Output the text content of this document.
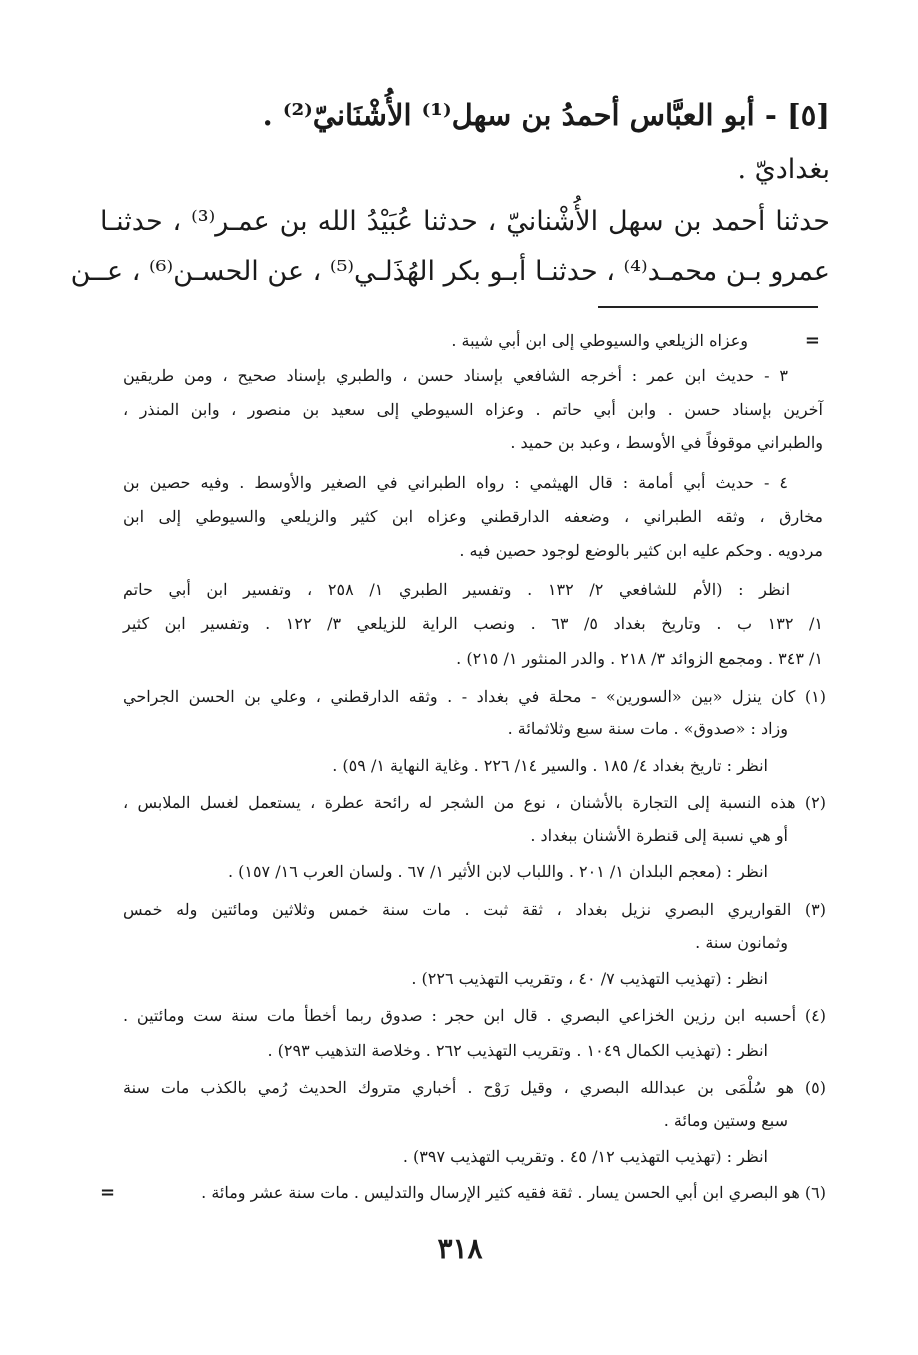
[٥] - أبو العبَّاس أحمدُ بن سهل⁽¹⁾ الأُشْنَانيّ⁽²⁾ .
بغداديّ .
حدثنا أحمد بن سهل الأُشْنانيّ ، حدثنا عُبَيْدُ الله بن عمـر⁽³⁾ ، حدثنـا
عمرو بـن محمـد⁽⁴⁾ ، حدثنـا أبـو بكر الهُذَلـي⁽⁵⁾ ، عن الحسـن⁽⁶⁾ ، عــن
=
وعزاه الزيلعي والسيوطي إلى ابن أبي شيبة .
٣ - حديث ابن عمر : أخرجه الشافعي بإسناد حسن ، والطبري بإسناد صحيح ، ومن طريقين
آخرين بإسناد حسن . وابن أبي حاتم . وعزاه السيوطي إلى سعيد بن منصور ، وابن المنذر ،
والطبراني موقوفاً في الأوسط ، وعبد بن حميد .
٤ - حديث أبي أمامة : قال الهيثمي : رواه الطبراني في الصغير والأوسط . وفيه حصين بن
مخارق ، وثقه الطبراني ، وضعفه الدارقطني وعزاه ابن كثير والزيلعي والسيوطي إلى ابن
مردويه . وحكم عليه ابن كثير بالوضع لوجود حصين فيه .
انظر : (الأم للشافعي ٢/ ١٣٢ . وتفسير الطبري ١/ ٢٥٨ ، وتفسير ابن أبي حاتم
١/ ١٣٢ ب . وتاريخ بغداد ٥/ ٦٣ . ونصب الراية للزيلعي ٣/ ١٢٢ . وتفسير ابن كثير
١/ ٣٤٣ . ومجمع الزوائد ٣/ ٢١٨ . والدر المنثور ١/ ٢١٥) .
(١) كان ينزل «بين «السورين» - محلة في بغداد - . وثقه الدارقطني ، وعلي بن الحسن الجراحي
وزاد : «صدوق» . مات سنة سبع وثلاثمائة .
انظر : تاريخ بغداد ٤/ ١٨٥ . والسير ١٤/ ٢٢٦ . وغاية النهاية ١/ ٥٩) .
(٢) هذه النسبة إلى التجارة بالأشنان ، نوع من الشجر له رائحة عطرة ، يستعمل لغسل الملابس ،
أو هي نسبة إلى قنطرة الأشنان ببغداد .
انظر : (معجم البلدان ١/ ٢٠١ . واللباب لابن الأثير ١/ ٦٧ . ولسان العرب ١٦/ ١٥٧) .
(٣) القواريري البصري نزيل بغداد ، ثقة ثبت . مات سنة خمس وثلاثين ومائتين وله خمس
وثمانون سنة .
انظر : (تهذيب التهذيب ٧/ ٤٠ ، وتقريب التهذيب ٢٢٦) .
(٤) أحسبه ابن رزين الخزاعي البصري . قال ابن حجر : صدوق ربما أخطأ مات سنة ست ومائتين .
انظر : (تهذيب الكمال ١٠٤٩ . وتقريب التهذيب ٢٦٢ . وخلاصة التذهيب ٢٩٣) .
(٥) هو سُلْمَى بن عبدالله البصري ، وقيل رَوْح . أخباري متروك الحديث رُمي بالكذب مات سنة
سبع وستين ومائة .
انظر : (تهذيب التهذيب ١٢/ ٤٥ . وتقريب التهذيب ٣٩٧) .
(٦) هو البصري ابن أبي الحسن يسار . ثقة فقيه كثير الإرسال والتدليس . مات سنة عشر ومائة .
=
٣١٨
